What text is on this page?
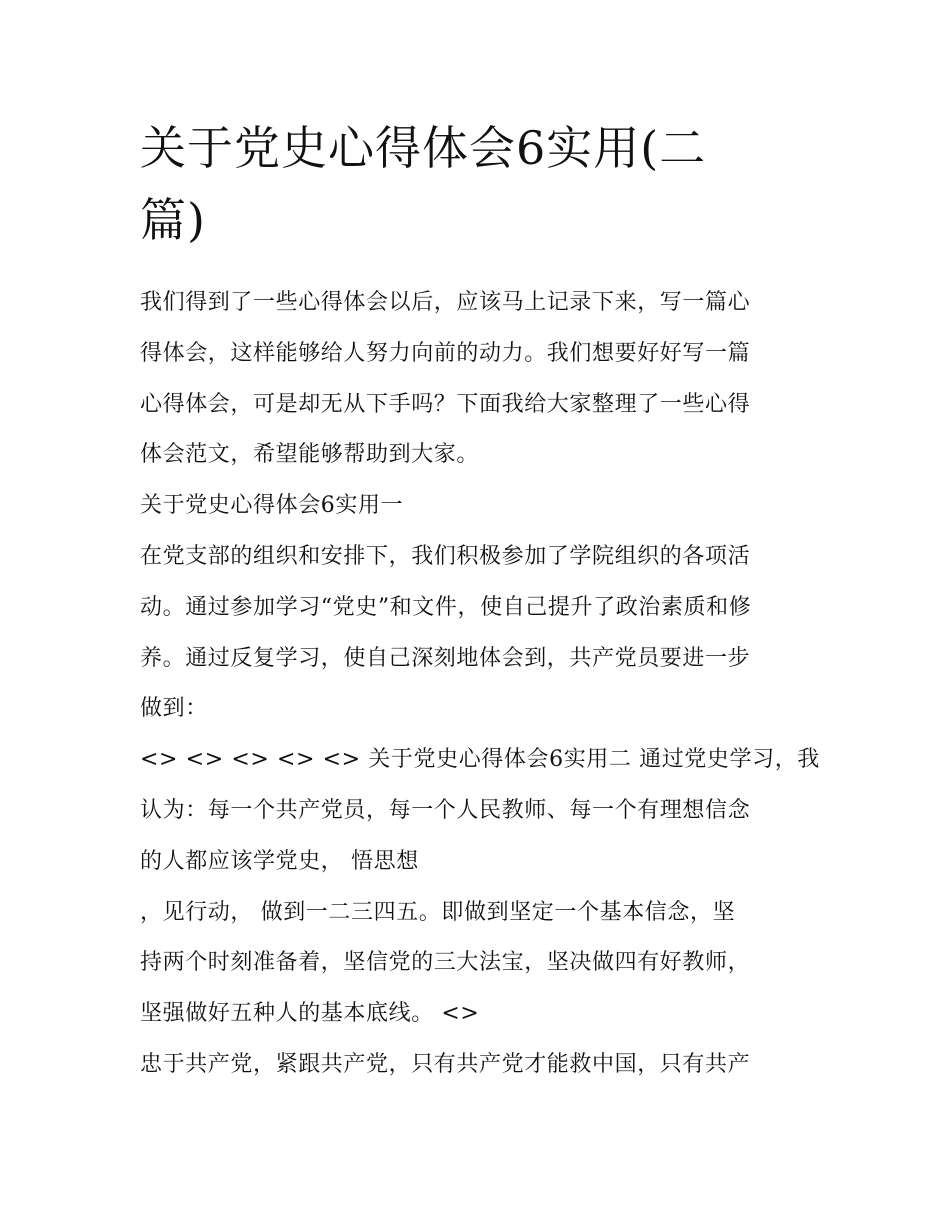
关于党史心得体会6实用(二
篇)

我们得到了一些心得体会以后，应该马上记录下来，写一篇心
得体会，这样能够给人努力向前的动力。我们想要好好写一篇
心得体会，可是却无从下手吗？下面我给大家整理了一些心得
体会范文，希望能够帮助到大家。

关于党史心得体会6实用一

在党支部的组织和安排下，我们积极参加了学院组织的各项活
动。通过参加学习“党史”和文件，使自己提升了政治素质和修
养。通过反复学习，使自己深刻地体会到，共产党员要进一步
做到：

<> <> <> <> <> 关于党史心得体会6实用二 通过党史学习，我
认为：每一个共产党员，每一个人民教师、每一个有理想信念
的人都应该学党史， 悟思想

，见行动， 做到一二三四五。即做到坚定一个基本信念，坚
持两个时刻准备着，坚信党的三大法宝，坚决做四有好教师，
坚强做好五种人的基本底线。 <>

忠于共产党，紧跟共产党，只有共产党才能救中国，只有共产
